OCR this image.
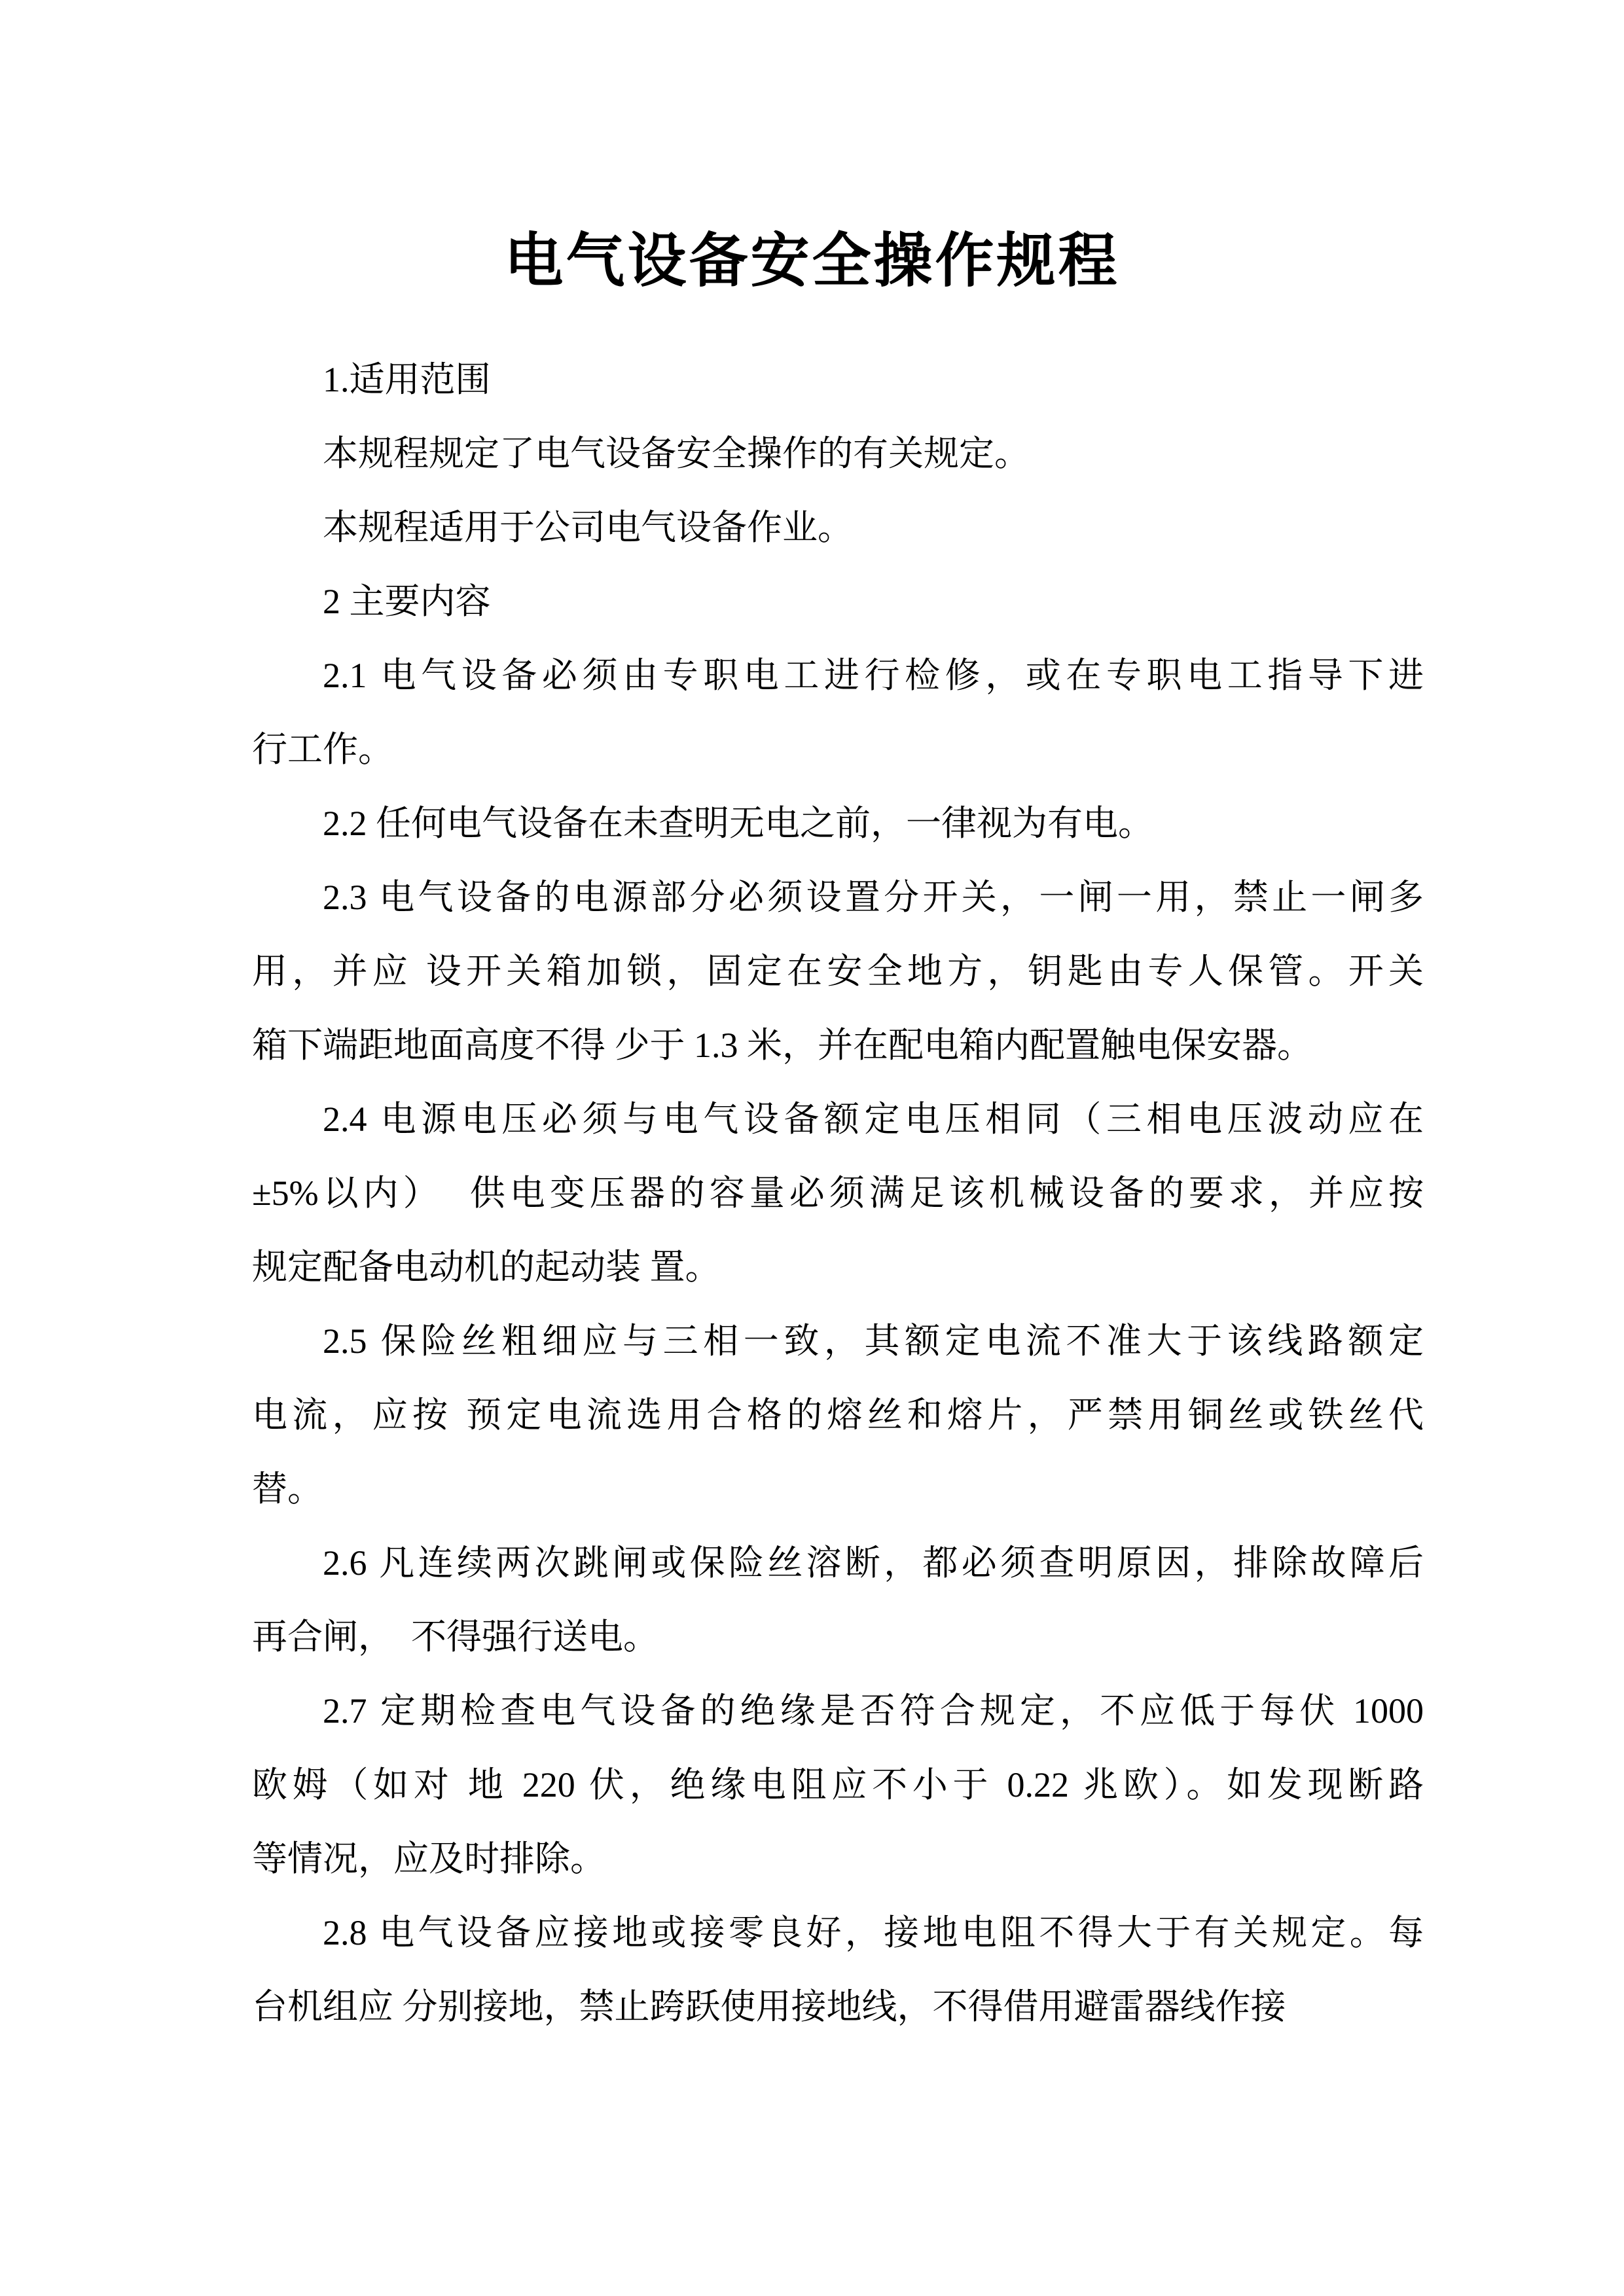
电气设备安全操作规程
1.适用范围
本规程规定了电气设备安全操作的有关规定。
本规程适用于公司电气设备作业。
2 主要内容
2.1 电气设备必须由专职电工进行检修，或在专职电工指导下进
行工作。
2.2 任何电气设备在未查明无电之前，一律视为有电。
2.3 电气设备的电源部分必须设置分开关，一闸一用，禁止一闸多
用，并应 设开关箱加锁，固定在安全地方，钥匙由专人保管。开关
箱下端距地面高度不得 少于 1.3 米，并在配电箱内配置触电保安器。
2.4 电源电压必须与电气设备额定电压相同（三相电压波动应在
±5%以内）  供电变压器的容量必须满足该机械设备的要求，并应按
规定配备电动机的起动装 置。
2.5 保险丝粗细应与三相一致，其额定电流不准大于该线路额定
电流，应按 预定电流选用合格的熔丝和熔片，严禁用铜丝或铁丝代
替。
2.6 凡连续两次跳闸或保险丝溶断，都必须查明原因，排除故障后
再合闸，  不得强行送电。
2.7 定期检查电气设备的绝缘是否符合规定，不应低于每伏 1000
欧姆（如对 地 220 伏，绝缘电阻应不小于 0.22 兆欧）。如发现断路
等情况，应及时排除。
2.8 电气设备应接地或接零良好，接地电阻不得大于有关规定。每
台机组应 分别接地，禁止跨跃使用接地线，不得借用避雷器线作接
